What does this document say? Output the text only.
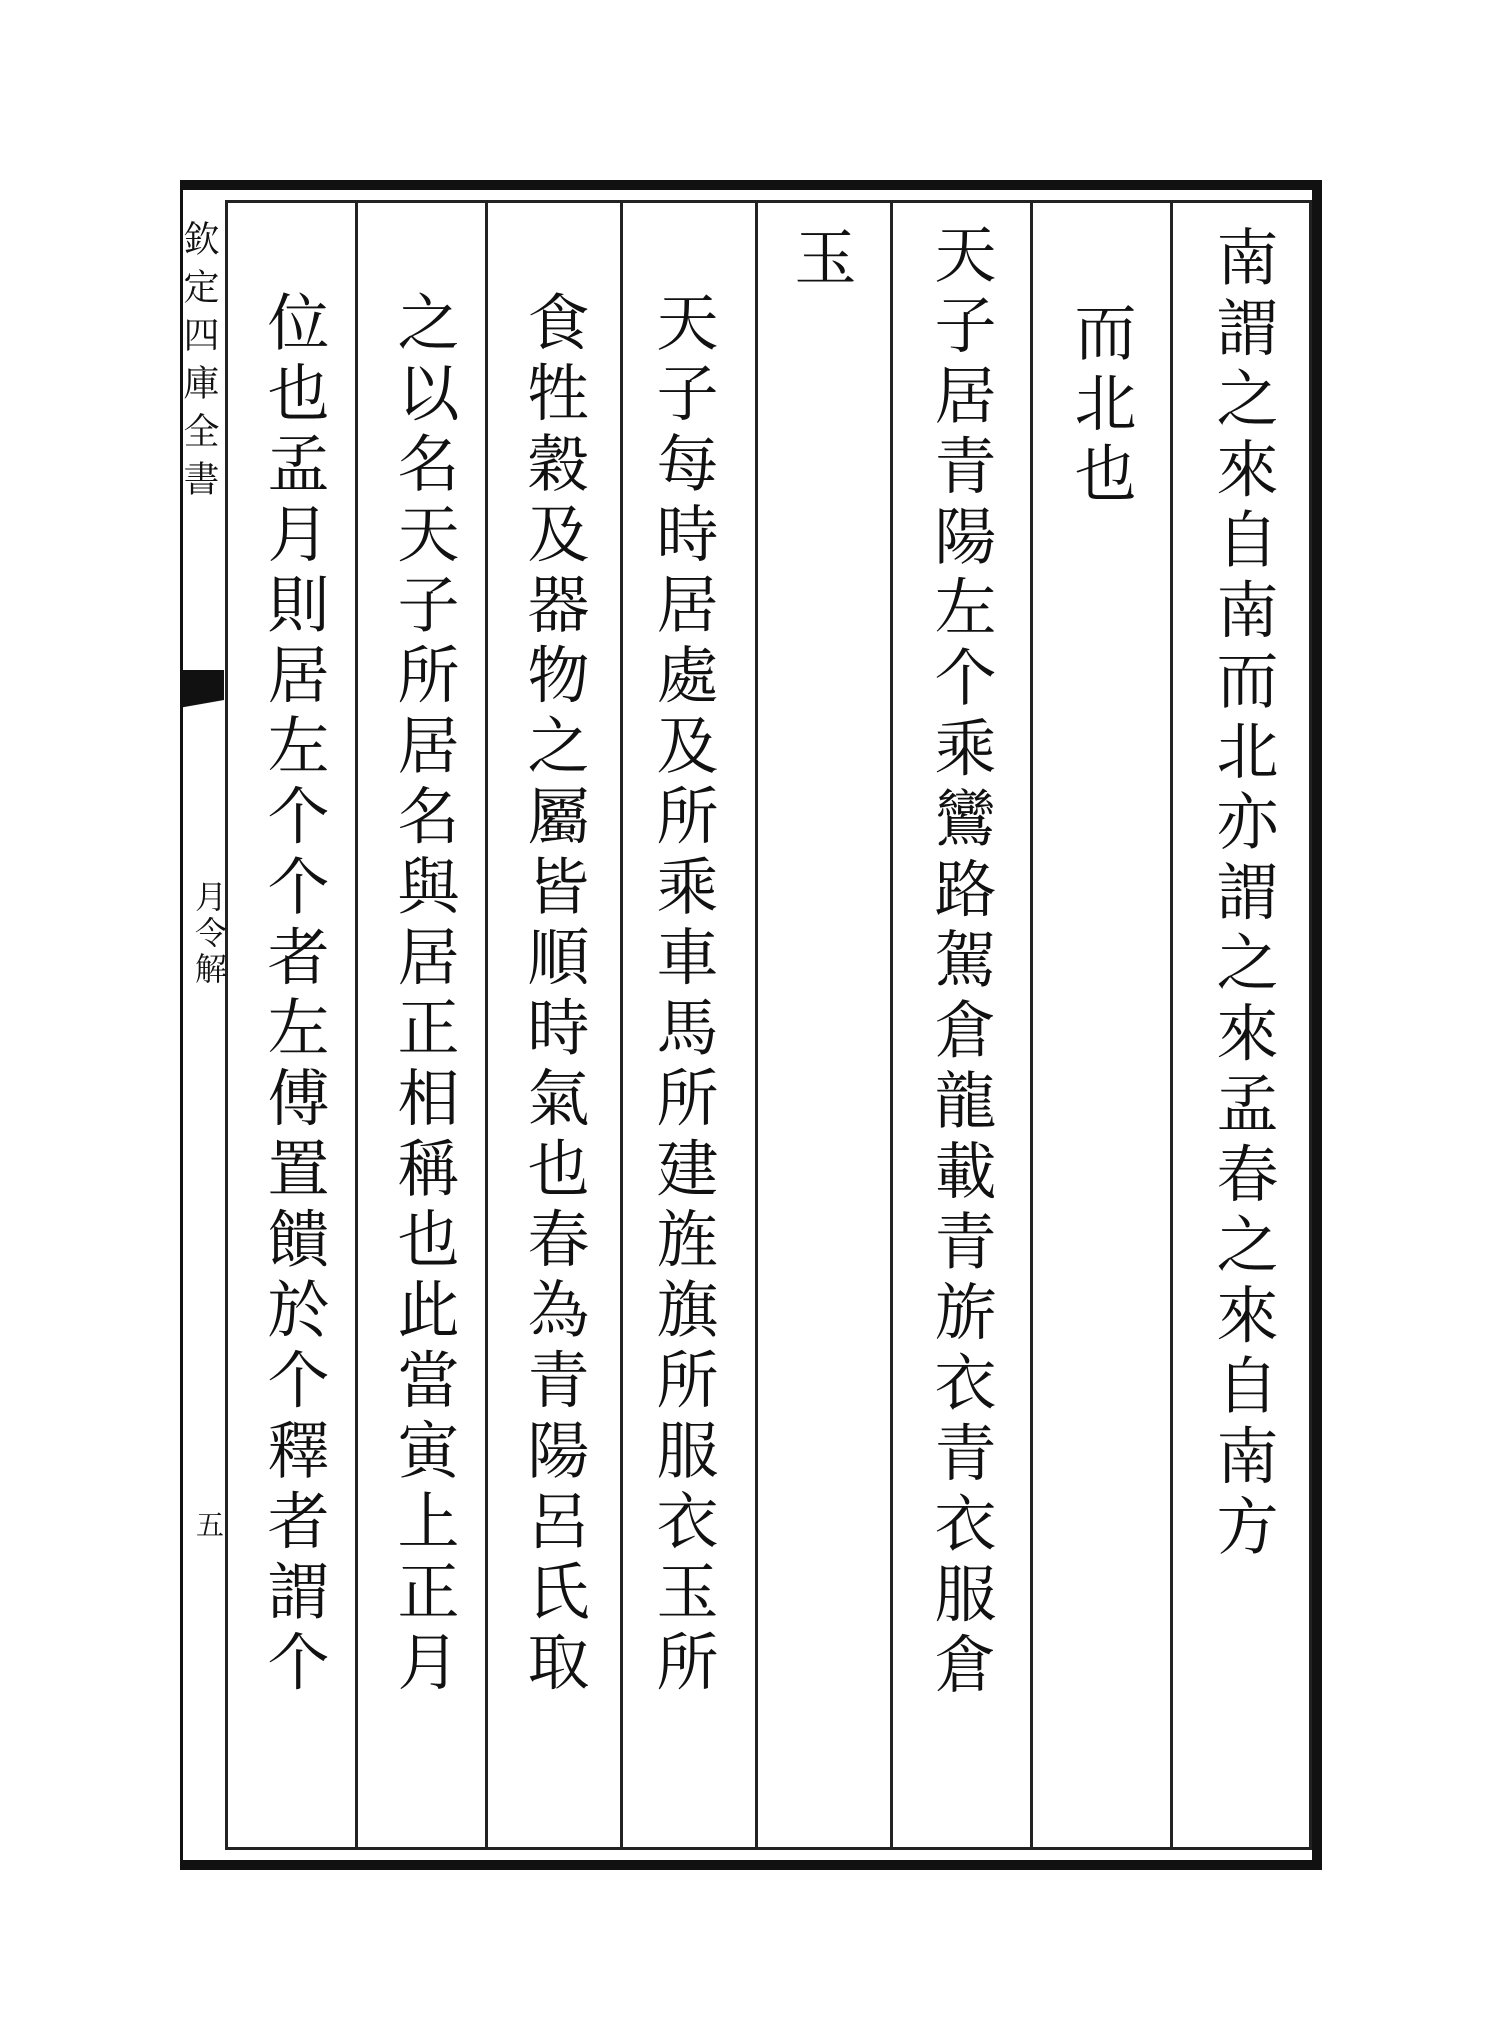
南謂之來自南而北亦謂之來孟春之來自南方
而北也
天子居青陽左个乘鸞路駕倉龍載青旂衣青衣服倉
玉
天子每時居處及所乘車馬所建旌旗所服衣玉所
食牲穀及器物之屬皆順時氣也春為青陽呂氏取
之以名天子所居名與居正相稱也此當寅上正月
位也孟月則居左个个者左傅置饋於个釋者謂个
欽定四庫全書
月令解
五
